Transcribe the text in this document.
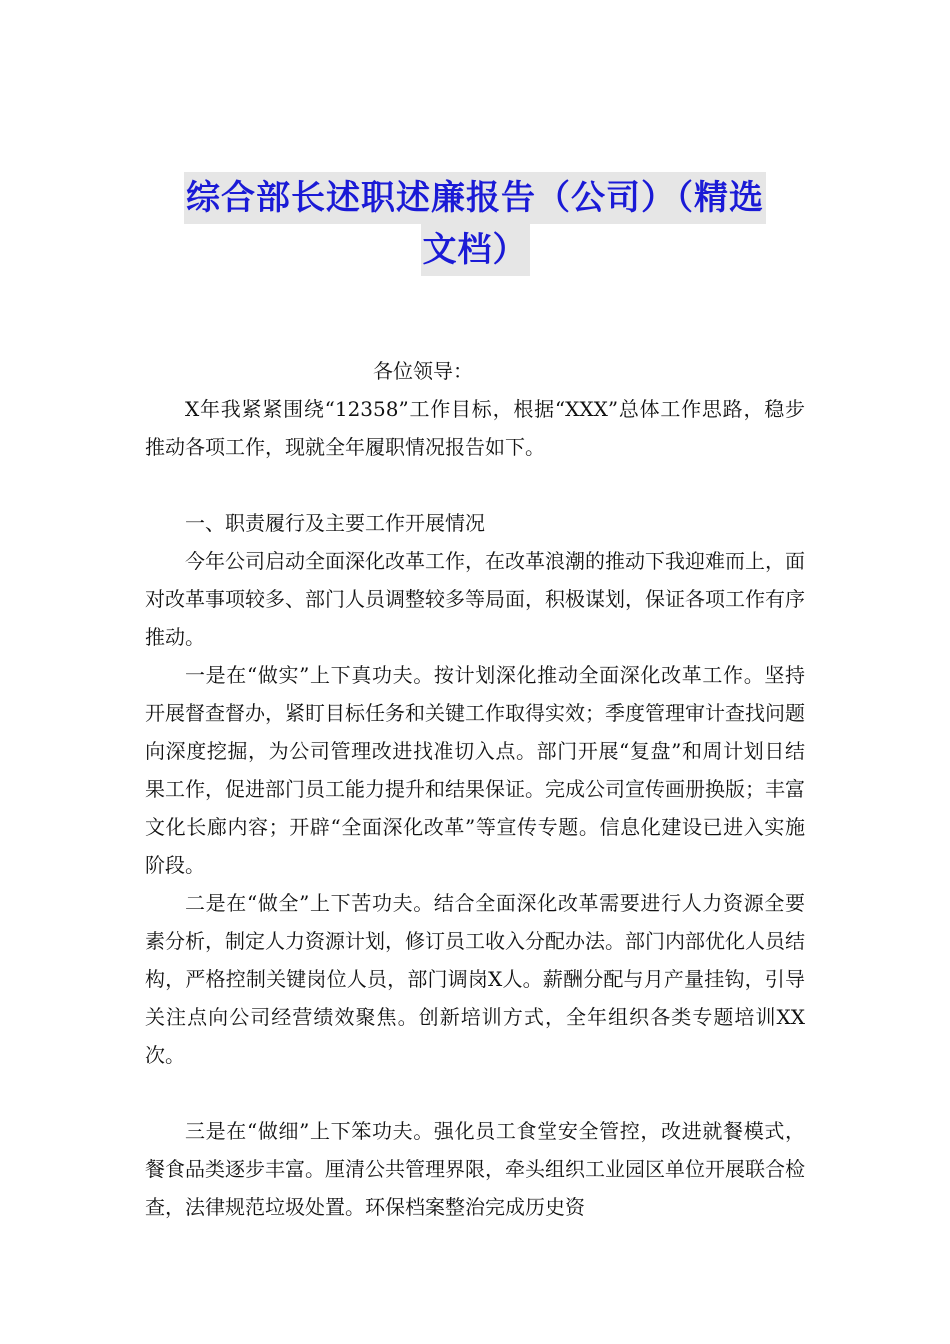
综合部长述职述廉报告（公司）（精选
文档）

各位领导：

X年我紧紧围绕“12358”工作目标，根据“XXX”总体工作思路，稳步推动各项工作，现就全年履职情况报告如下。

一、职责履行及主要工作开展情况

今年公司启动全面深化改革工作，在改革浪潮的推动下我迎难而上，面对改革事项较多、部门人员调整较多等局面，积极谋划，保证各项工作有序推动。

一是在“做实”上下真功夫。按计划深化推动全面深化改革工作。坚持开展督查督办，紧盯目标任务和关键工作取得实效；季度管理审计查找问题向深度挖掘，为公司管理改进找准切入点。部门开展“复盘”和周计划日结果工作，促进部门员工能力提升和结果保证。完成公司宣传画册换版；丰富文化长廊内容；开辟“全面深化改革”等宣传专题。信息化建设已进入实施阶段。

二是在“做全”上下苦功夫。结合全面深化改革需要进行人力资源全要素分析，制定人力资源计划，修订员工收入分配办法。部门内部优化人员结构，严格控制关键岗位人员，部门调岗X人。薪酬分配与月产量挂钩，引导关注点向公司经营绩效聚焦。创新培训方式，全年组织各类专题培训XX次。

三是在“做细”上下笨功夫。强化员工食堂安全管控，改进就餐模式，餐食品类逐步丰富。厘清公共管理界限，牵头组织工业园区单位开展联合检查，法律规范垃圾处置。环保档案整治完成历史资
